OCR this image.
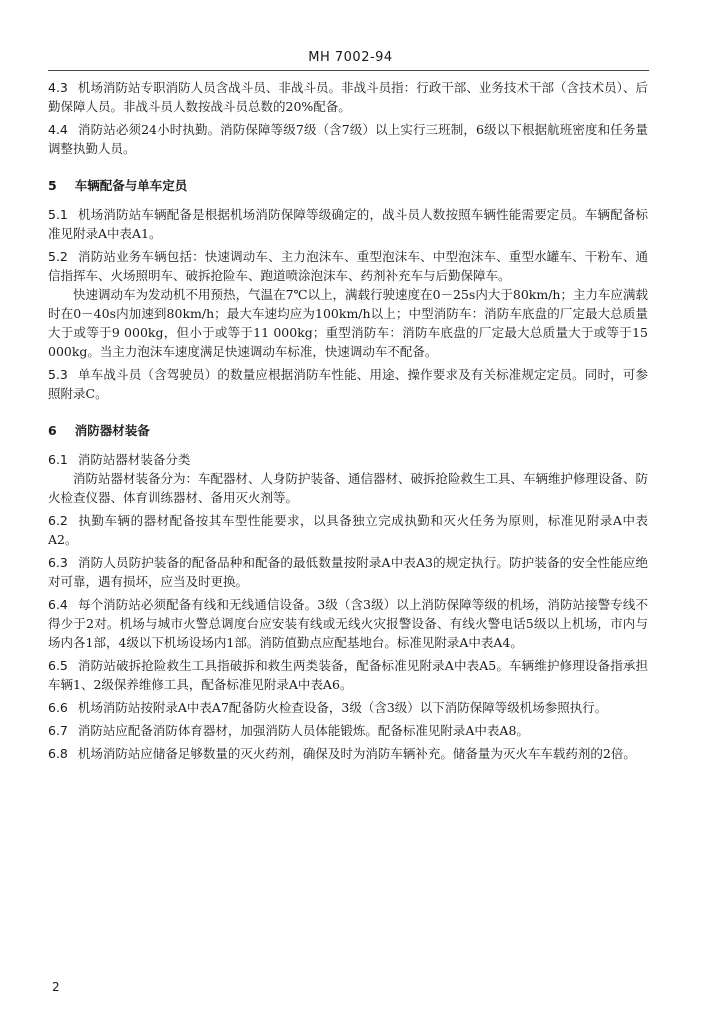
MH 7002-94

4.3 机场消防站专职消防人员含战斗员、非战斗员。非战斗员指：行政干部、业务技术干部（含技术员）、后勤保障人员。非战斗员人数按战斗员总数的20%配备。

4.4 消防站必须24小时执勤。消防保障等级7级（含7级）以上实行三班制，6级以下根据航班密度和任务量调整执勤人员。

5 车辆配备与单车定员

5.1 机场消防站车辆配备是根据机场消防保障等级确定的，战斗员人数按照车辆性能需要定员。车辆配备标准见附录A中表A1。

5.2 消防站业务车辆包括：快速调动车、主力泡沫车、重型泡沫车、中型泡沫车、重型水罐车、干粉车、通信指挥车、火场照明车、破拆抢险车、跑道喷涂泡沫车、药剂补充车与后勤保障车。

快速调动车为发动机不用预热，气温在7℃以上，满载行驶速度在0－25s内大于80km/h；主力车应满载时在0－40s内加速到80km/h；最大车速均应为100km/h以上；中型消防车：消防车底盘的厂定最大总质量大于或等于9 000kg，但小于或等于11 000kg；重型消防车：消防车底盘的厂定最大总质量大于或等于15 000kg。当主力泡沫车速度满足快速调动车标准，快速调动车不配备。

5.3 单车战斗员（含驾驶员）的数量应根据消防车性能、用途、操作要求及有关标准规定定员。同时，可参照附录C。

6 消防器材装备

6.1 消防站器材装备分类

消防站器材装备分为：车配器材、人身防护装备、通信器材、破拆抢险救生工具、车辆维护修理设备、防火检查仪器、体育训练器材、备用灭火剂等。

6.2 执勤车辆的器材配备按其车型性能要求，以具备独立完成执勤和灭火任务为原则，标准见附录A中表A2。

6.3 消防人员防护装备的配备品种和配备的最低数量按附录A中表A3的规定执行。防护装备的安全性能应绝对可靠，遇有损坏，应当及时更换。

6.4 每个消防站必须配备有线和无线通信设备。3级（含3级）以上消防保障等级的机场，消防站接警专线不得少于2对。机场与城市火警总调度台应安装有线或无线火灾报警设备、有线火警电话5级以上机场，市内与场内各1部，4级以下机场设场内1部。消防值勤点应配基地台。标准见附录A中表A4。

6.5 消防站破拆抢险救生工具指破拆和救生两类装备，配备标准见附录A中表A5。车辆维护修理设备指承担车辆1、2级保养维修工具，配备标准见附录A中表A6。

6.6 机场消防站按附录A中表A7配备防火检查设备，3级（含3级）以下消防保障等级机场参照执行。

6.7 消防站应配备消防体育器材，加强消防人员体能锻炼。配备标准见附录A中表A8。

6.8 机场消防站应储备足够数量的灭火药剂，确保及时为消防车辆补充。储备量为灭火车车载药剂的2倍。

2
